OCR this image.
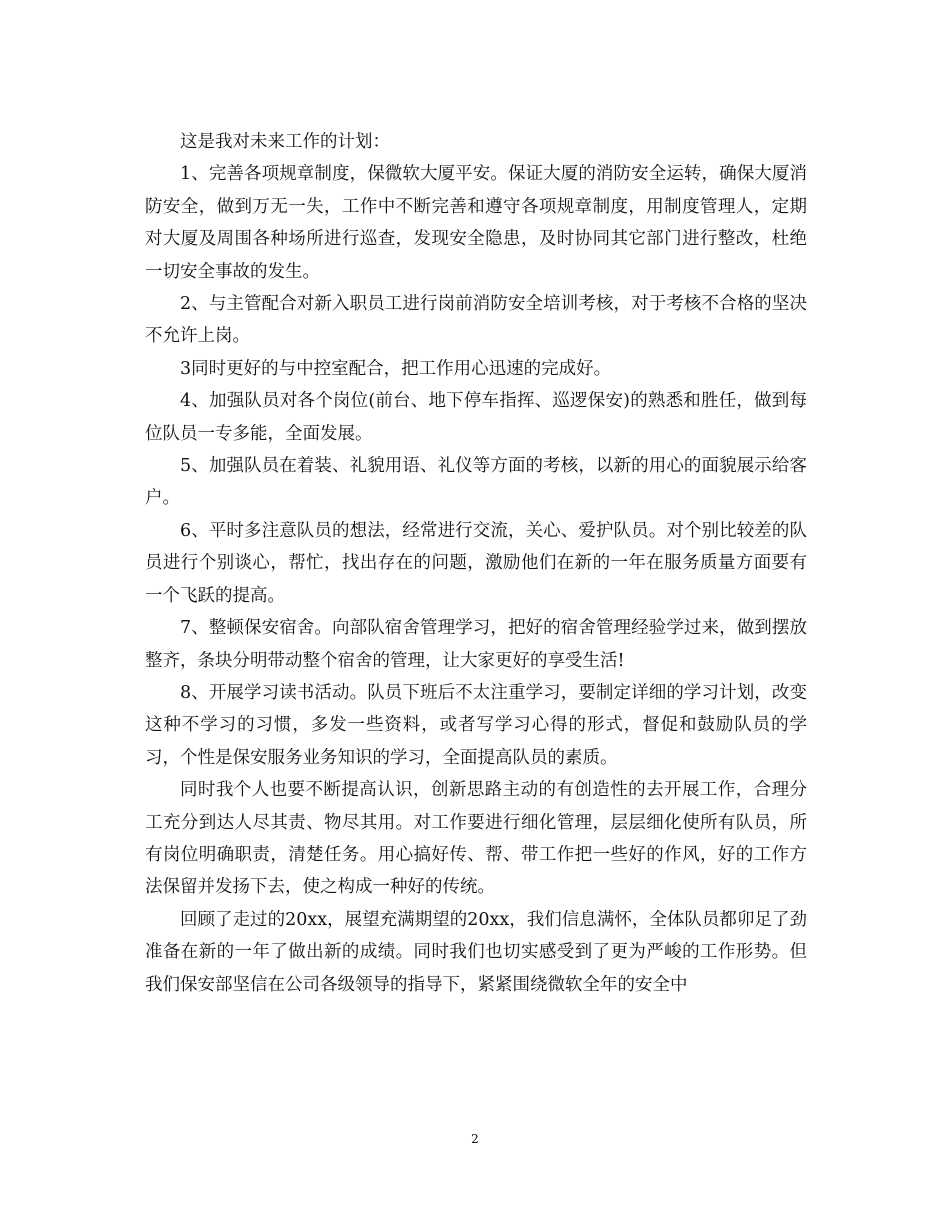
这是我对未来工作的计划：

1、完善各项规章制度，保微软大厦平安。保证大厦的消防安全运转，确保大厦消防安全，做到万无一失，工作中不断完善和遵守各项规章制度，用制度管理人，定期对大厦及周围各种场所进行巡查，发现安全隐患，及时协同其它部门进行整改，杜绝一切安全事故的发生。

2、与主管配合对新入职员工进行岗前消防安全培训考核，对于考核不合格的坚决不允许上岗。

3同时更好的与中控室配合，把工作用心迅速的完成好。

4、加强队员对各个岗位(前台、地下停车指挥、巡逻保安)的熟悉和胜任，做到每位队员一专多能，全面发展。

5、加强队员在着装、礼貌用语、礼仪等方面的考核，以新的用心的面貌展示给客户。

6、平时多注意队员的想法，经常进行交流，关心、爱护队员。对个别比较差的队员进行个别谈心，帮忙，找出存在的问题，激励他们在新的一年在服务质量方面要有一个飞跃的提高。

7、整顿保安宿舍。向部队宿舍管理学习，把好的宿舍管理经验学过来，做到摆放整齐，条块分明带动整个宿舍的管理，让大家更好的享受生活!

8、开展学习读书活动。队员下班后不太注重学习，要制定详细的学习计划，改变这种不学习的习惯，多发一些资料，或者写学习心得的形式，督促和鼓励队员的学习，个性是保安服务业务知识的学习，全面提高队员的素质。

同时我个人也要不断提高认识，创新思路主动的有创造性的去开展工作，合理分工充分到达人尽其责、物尽其用。对工作要进行细化管理，层层细化使所有队员，所有岗位明确职责，清楚任务。用心搞好传、帮、带工作把一些好的作风，好的工作方法保留并发扬下去，使之构成一种好的传统。

回顾了走过的20xx，展望充满期望的20xx，我们信息满怀，全体队员都卯足了劲准备在新的一年了做出新的成绩。同时我们也切实感受到了更为严峻的工作形势。但我们保安部坚信在公司各级领导的指导下，紧紧围绕微软全年的安全中

2
